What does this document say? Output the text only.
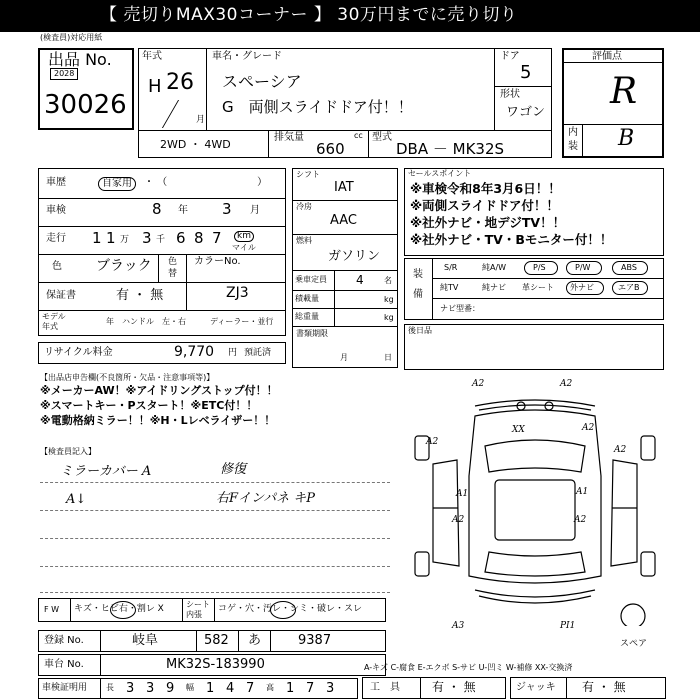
【 売切りMAX30コーナー 】 30万円までに売り切り
(検査員)対応用紙
出品 No.
2028
30026
年式
H 26
月
車名・グレード
スペーシア
G　両側スライドドア付！！
ドア
5
形状
ワゴン
2WD ・ 4WD
排気量	cc
660
型式
DBA － MK32S
評価点
R
内
装 B
車歴	自家用	・ （　　　　　　　　　）
車検	8 年 3 月
走行 1 1 万 3 千 6 8 7	km
マイル
色 ブラック 色
替
カラーNo.
ZJ3
保証書	有 ・ 無
モデル
年式
年 ハンドル　左・右	ディーラー・並行
リサイクル料金	9,770 円 預託済
シフト
IAT
冷房
AAC
燃料
ガソリン
乗車定員 4	名
積載量	kg
総重量	kg
書類期限
月	日
セールスポイント
※車検令和8年3月6日！！
※両側スライドドア付！！
※社外ナビ・地デジTV！！
※社外ナビ・TV・Bモニター付！！
装
備
S/R	純A/W	P/S	P/W	ABS
純TV	純ナビ 革シート 外ナビ	エアB
ナビ型番：
後日品
【出品店申告欄(不良箇所・欠品・注意事項等)】
※メーカーAW！※アイドリングストップ付！！
※スマートキー・Pスタート！※ETC付！！
※電動格納ミラー！！※H・Lレベライザー！！
【検査員記入】
ミラーカバー A	修復
A↓	右Fインパネ キP
A2	A2
XX	A2
A1	A1
A2	A2
A2
A2
A3	PI1
スペア
F W キズ・ヒビ右・割レ X	シート
内張
コゲ・穴・汚レ・シミ・破レ・スレ
登録 No.	岐阜	582 あ	9387
車台 No.	MK32S-183990
車検証明用 長 3 3 9 幅 1 4 7 高 1 7 3
A-キズ C-腐食 E-エクボ S-サビ U-凹ミ W-補修 XX-交換済
工　具	有 ・ 無	ジャッキ 有 ・ 無
